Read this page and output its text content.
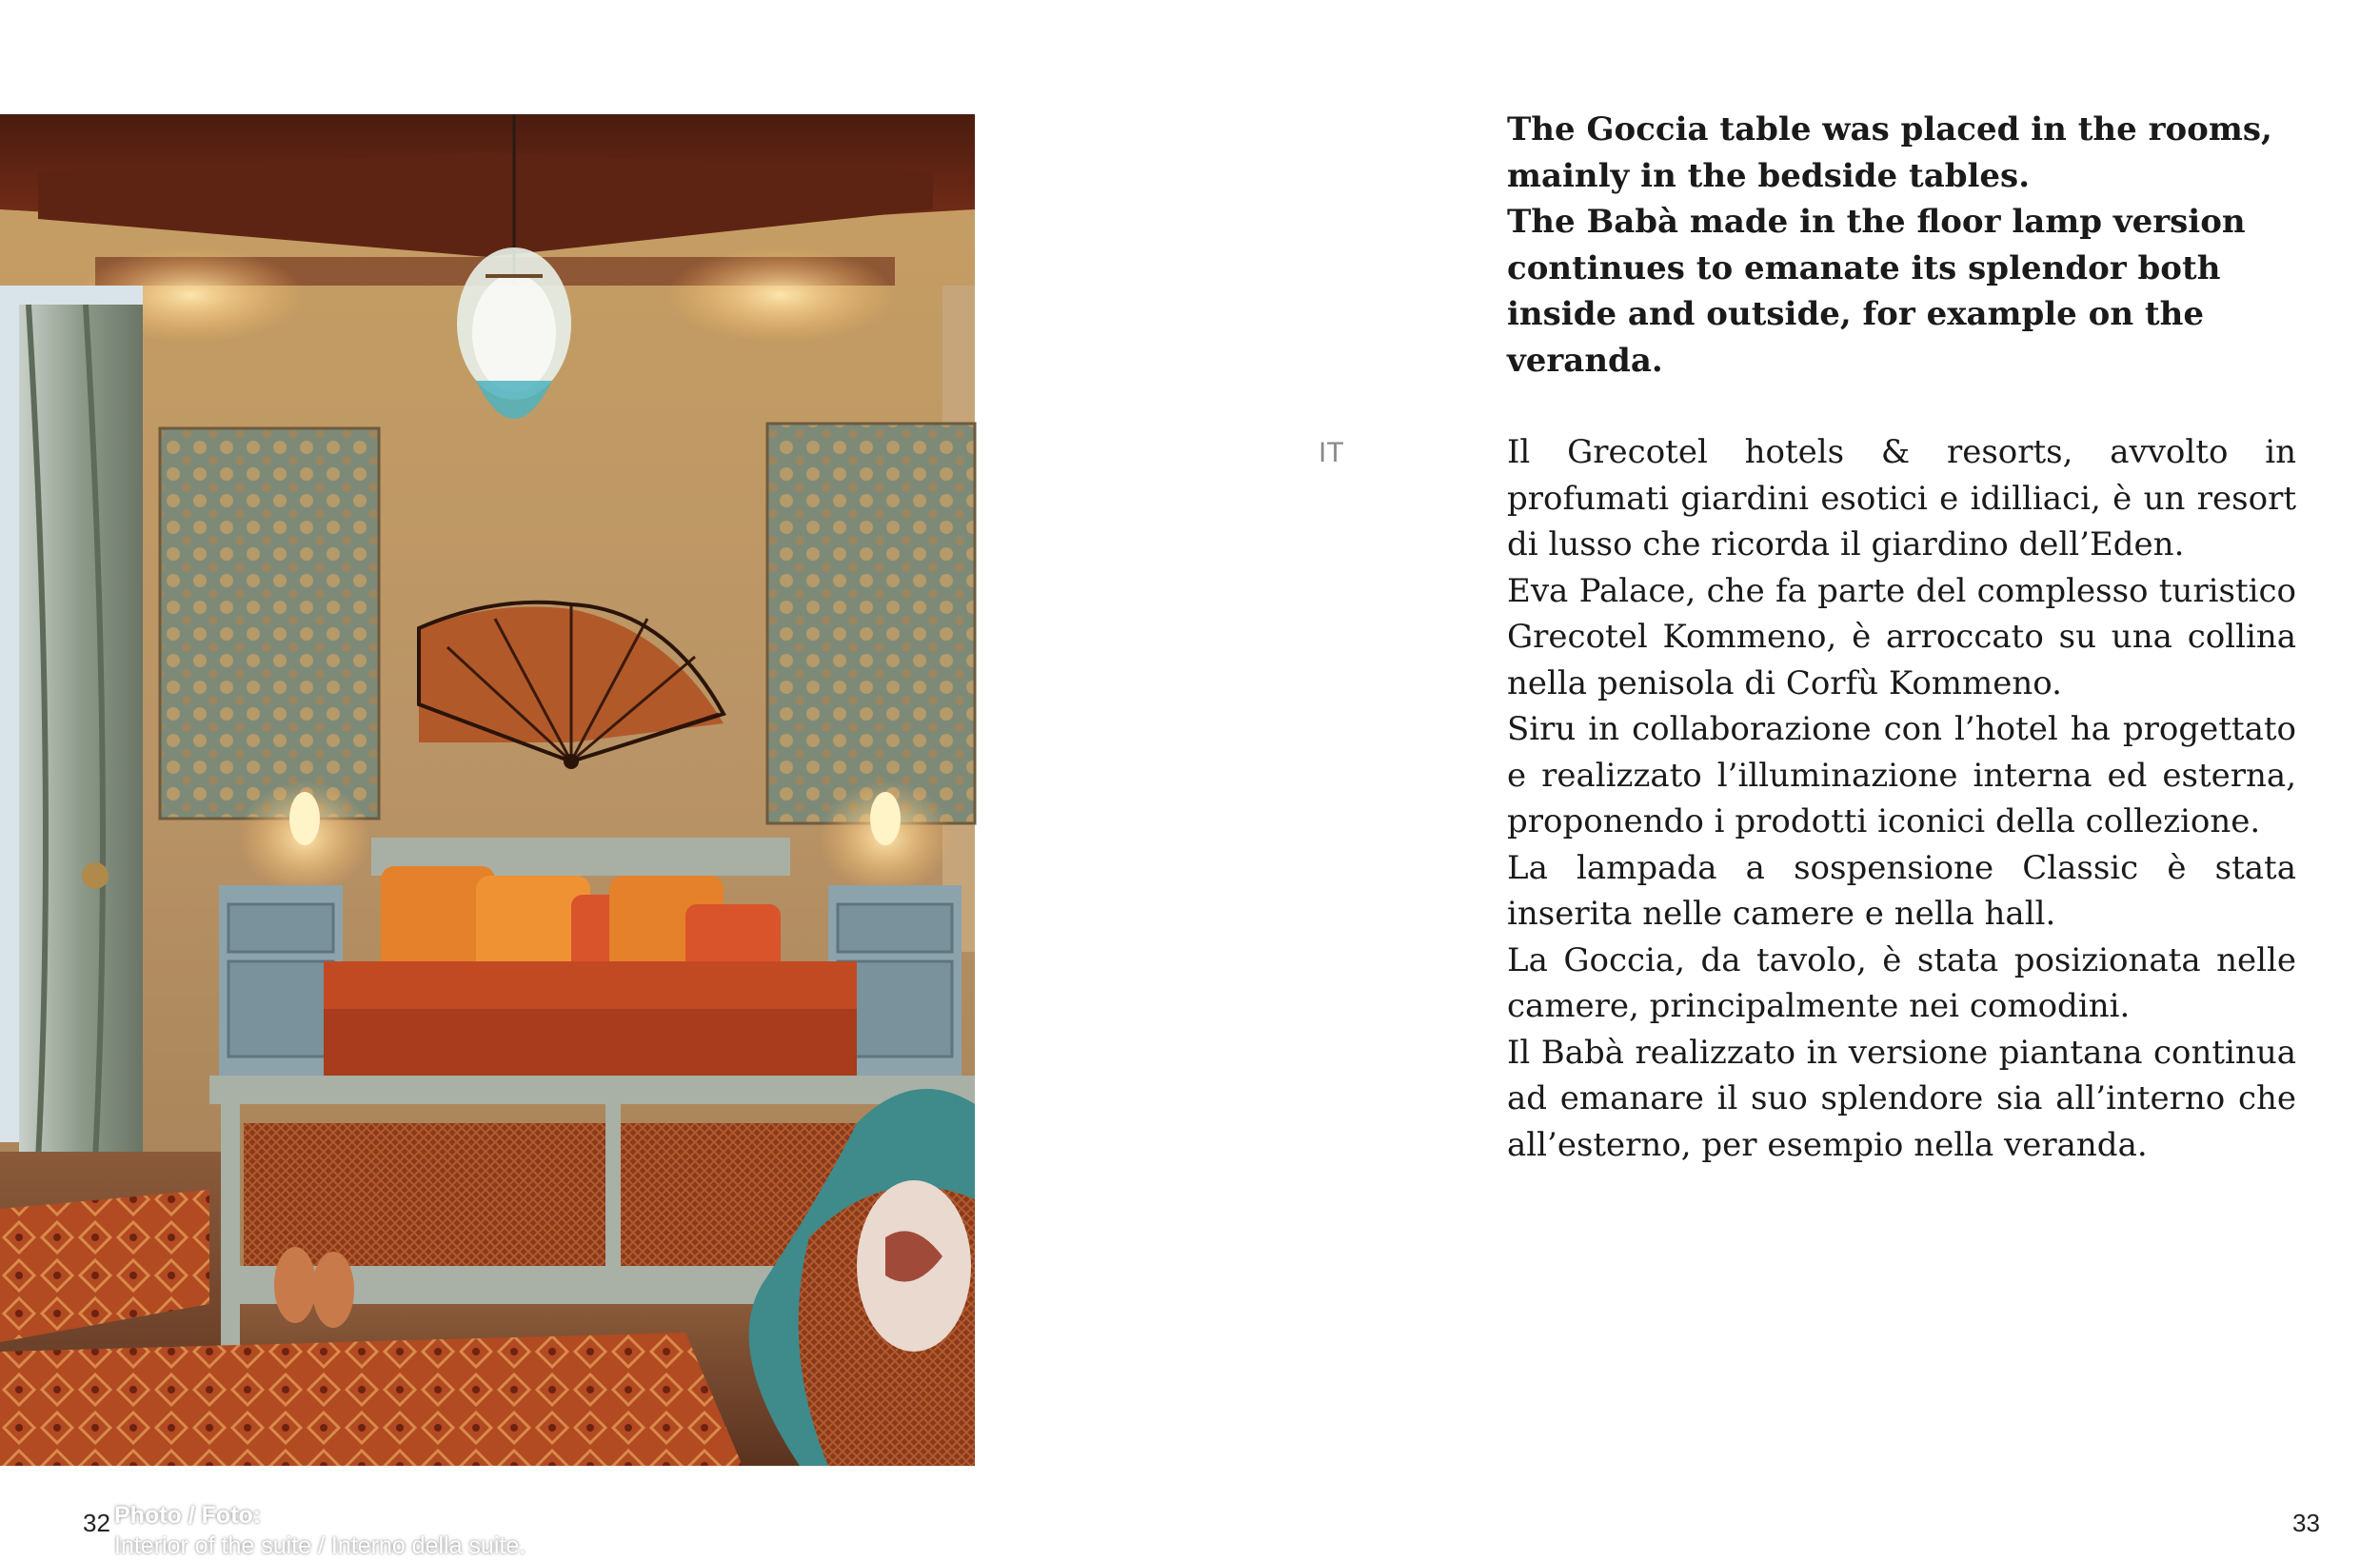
Photo / Foto:
Interior of the suite / Interno della suite.
32	33

The Goccia table was placed in the rooms, mainly in the bedside tables.

The Babà made in the floor lamp version continues to emanate its splendor both inside and outside, for example on the veranda.

IT	Il Grecotel hotels & resorts, avvolto in profumati giardini esotici e idilliaci, è un resort di lusso che ricorda il giardino dell’Eden.

Eva Palace, che fa parte del complesso turistico Grecotel Kommeno, è arroccato su una collina nella penisola di Corfù Kommeno.

Siru in collaborazione con l’hotel ha progettato e realizzato l’illuminazione interna ed esterna, proponendo i prodotti iconici della collezione.

La lampada a sospensione Classic è stata inserita nelle camere e nella hall.

La Goccia, da tavolo, è stata posizionata nelle camere, principalmente nei comodini.

Il Babà realizzato in versione piantana continua ad emanare il suo splendore sia all’interno che all’esterno, per esempio nella veranda.
